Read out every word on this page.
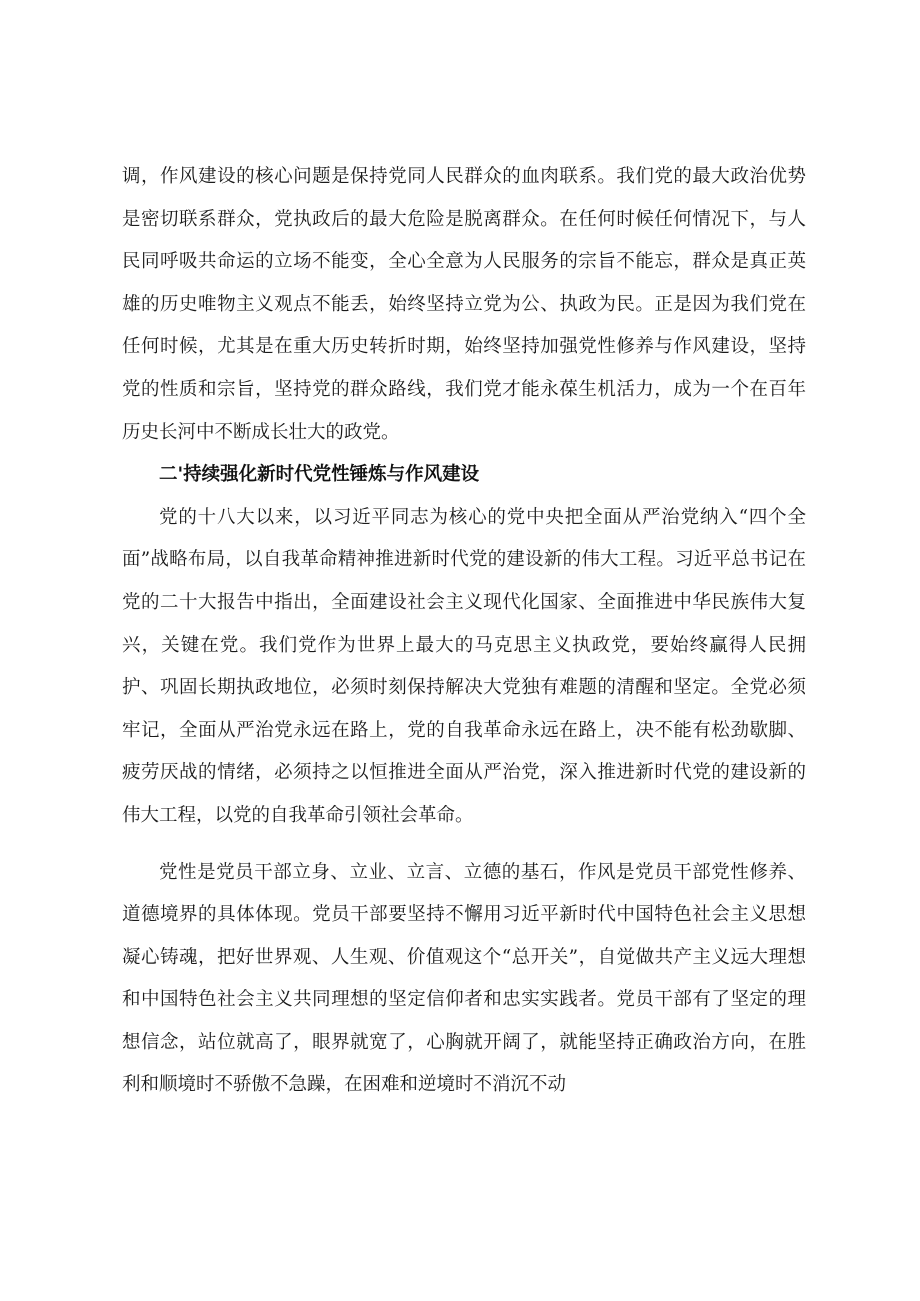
调，作风建设的核心问题是保持党同人民群众的血肉联系。我们党的最大政治优势是密切联系群众，党执政后的最大危险是脱离群众。在任何时候任何情况下，与人民同呼吸共命运的立场不能变，全心全意为人民服务的宗旨不能忘，群众是真正英雄的历史唯物主义观点不能丢，始终坚持立党为公、执政为民。正是因为我们党在任何时候，尤其是在重大历史转折时期，始终坚持加强党性修养与作风建设，坚持党的性质和宗旨，坚持党的群众路线，我们党才能永葆生机活力，成为一个在百年历史长河中不断成长壮大的政党。

二'持续强化新时代党性锤炼与作风建设

党的十八大以来，以习近平同志为核心的党中央把全面从严治党纳入“四个全面”战略布局，以自我革命精神推进新时代党的建设新的伟大工程。习近平总书记在党的二十大报告中指出，全面建设社会主义现代化国家、全面推进中华民族伟大复兴，关键在党。我们党作为世界上最大的马克思主义执政党，要始终赢得人民拥护、巩固长期执政地位，必须时刻保持解决大党独有难题的清醒和坚定。全党必须牢记，全面从严治党永远在路上，党的自我革命永远在路上，决不能有松劲歇脚、疲劳厌战的情绪，必须持之以恒推进全面从严治党，深入推进新时代党的建设新的伟大工程，以党的自我革命引领社会革命。

党性是党员干部立身、立业、立言、立德的基石，作风是党员干部党性修养、道德境界的具体体现。党员干部要坚持不懈用习近平新时代中国特色社会主义思想凝心铸魂，把好世界观、人生观、价值观这个“总开关”，自觉做共产主义远大理想和中国特色社会主义共同理想的坚定信仰者和忠实实践者。党员干部有了坚定的理想信念，站位就高了，眼界就宽了，心胸就开阔了，就能坚持正确政治方向，在胜利和顺境时不骄傲不急躁，在困难和逆境时不消沉不动
